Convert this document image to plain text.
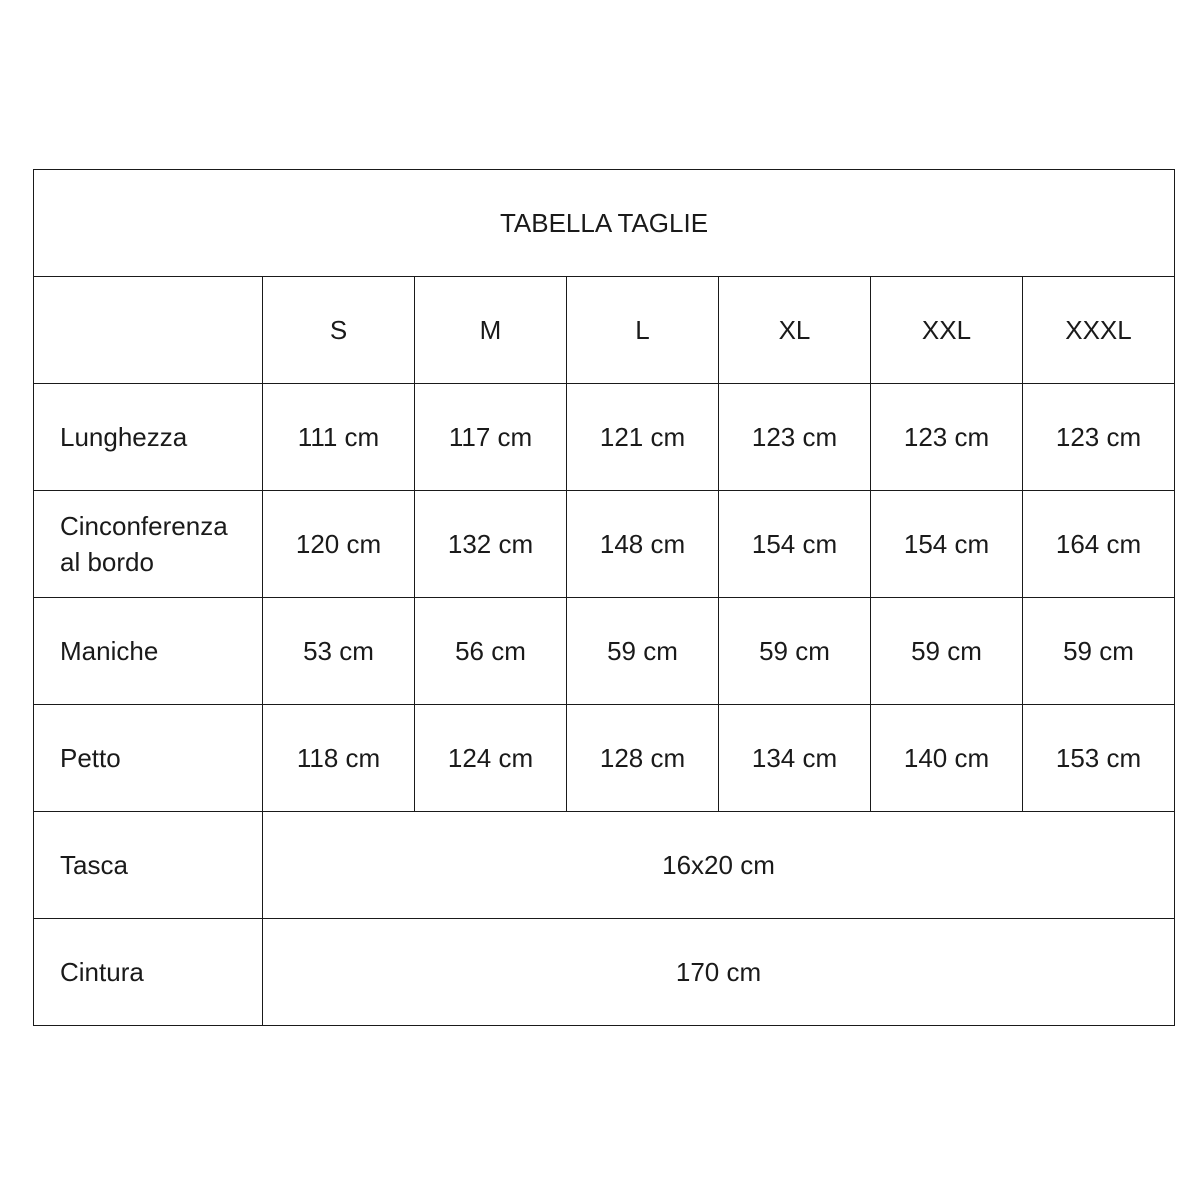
TABELLA TAGLIE						
	S	M	L	XL	XXL	XXXL
Lunghezza	111 cm	117 cm	121 cm	123 cm	123 cm	123 cm
Cinconferenza
al bordo	120 cm	132 cm	148 cm	154 cm	154 cm	164 cm
Maniche	53 cm	56 cm	59 cm	59 cm	59 cm	59 cm
Petto	118 cm	124 cm	128 cm	134 cm	140 cm	153 cm
Tasca	16x20 cm					
Cintura	170 cm					
